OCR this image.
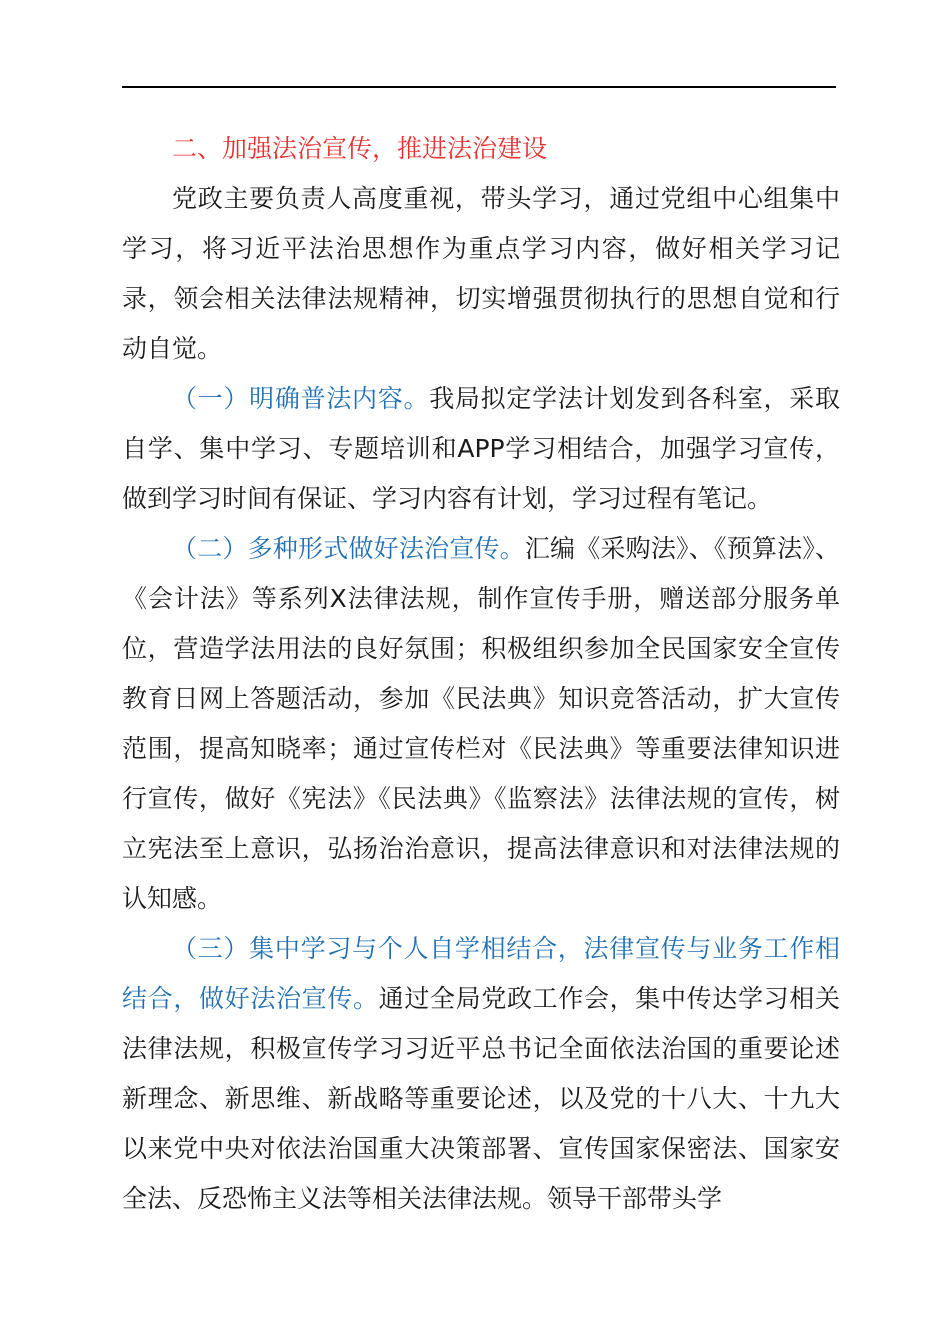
二、加强法治宣传，推进法治建设

党政主要负责人高度重视，带头学习，通过党组中心组集中学习，将习近平法治思想作为重点学习内容，做好相关学习记录，领会相关法律法规精神，切实增强贯彻执行的思想自觉和行动自觉。

（一）明确普法内容。我局拟定学法计划发到各科室，采取自学、集中学习、专题培训和APP学习相结合，加强学习宣传，做到学习时间有保证、学习内容有计划，学习过程有笔记。

（二）多种形式做好法治宣传。汇编《采购法》、《预算法》、《会计法》等系列X法律法规，制作宣传手册，赠送部分服务单位，营造学法用法的良好氛围；积极组织参加全民国家安全宣传教育日网上答题活动，参加《民法典》知识竞答活动，扩大宣传范围，提高知晓率；通过宣传栏对《民法典》等重要法律知识进行宣传，做好《宪法》《民法典》《监察法》法律法规的宣传，树立宪法至上意识，弘扬治治意识，提高法律意识和对法律法规的认知感。

（三）集中学习与个人自学相结合，法律宣传与业务工作相结合，做好法治宣传。通过全局党政工作会，集中传达学习相关法律法规，积极宣传学习习近平总书记全面依法治国的重要论述新理念、新思维、新战略等重要论述，以及党的十八大、十九大以来党中央对依法治国重大决策部署、宣传国家保密法、国家安全法、反恐怖主义法等相关法律法规。领导干部带头学
